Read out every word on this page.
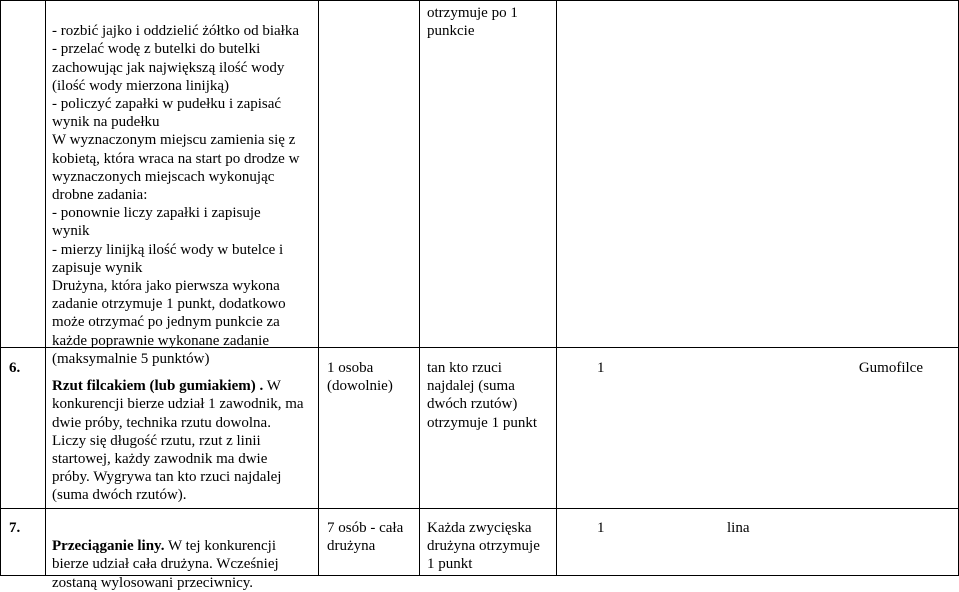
- rozbić jajko i oddzielić żółtko od białka
- przelać wodę z butelki do butelki
zachowując jak największą ilość wody
(ilość wody mierzona linijką)
- policzyć zapałki w pudełku i zapisać
wynik na pudełku
W wyznaczonym miejscu zamienia się z
kobietą, która wraca na start po drodze w
wyznaczonych miejscach wykonując
drobne zadania:
- ponownie liczy zapałki i zapisuje
wynik
- mierzy linijką ilość wody w butelce i
zapisuje wynik
Drużyna, która jako pierwsza wykona
zadanie otrzymuje 1 punkt, dodatkowo
może otrzymać po jednym punkcie za
każde poprawnie wykonane zadanie
(maksymalnie 5 punktów)

otrzymuje po 1
punkcie
6.

Rzut filcakiem (lub gumiakiem) . W
konkurencji bierze udział 1 zawodnik, ma
dwie próby, technika rzutu dowolna.
Liczy się długość rzutu, rzut z linii
startowej, każdy zawodnik ma dwie
próby. Wygrywa tan kto rzuci najdalej
(suma dwóch rzutów).

1 osoba
(dowolnie)
tan kto rzuci
najdalej (suma
dwóch rzutów)
otrzymuje 1 punkt
1	Gumofilce
7.

Przeciąganie liny. W tej konkurencji
bierze udział cała drużyna. Wcześniej
zostaną wylosowani przeciwnicy.

7 osób - cała
drużyna
Każda zwycięska
drużyna otrzymuje
1 punkt
1	lina
